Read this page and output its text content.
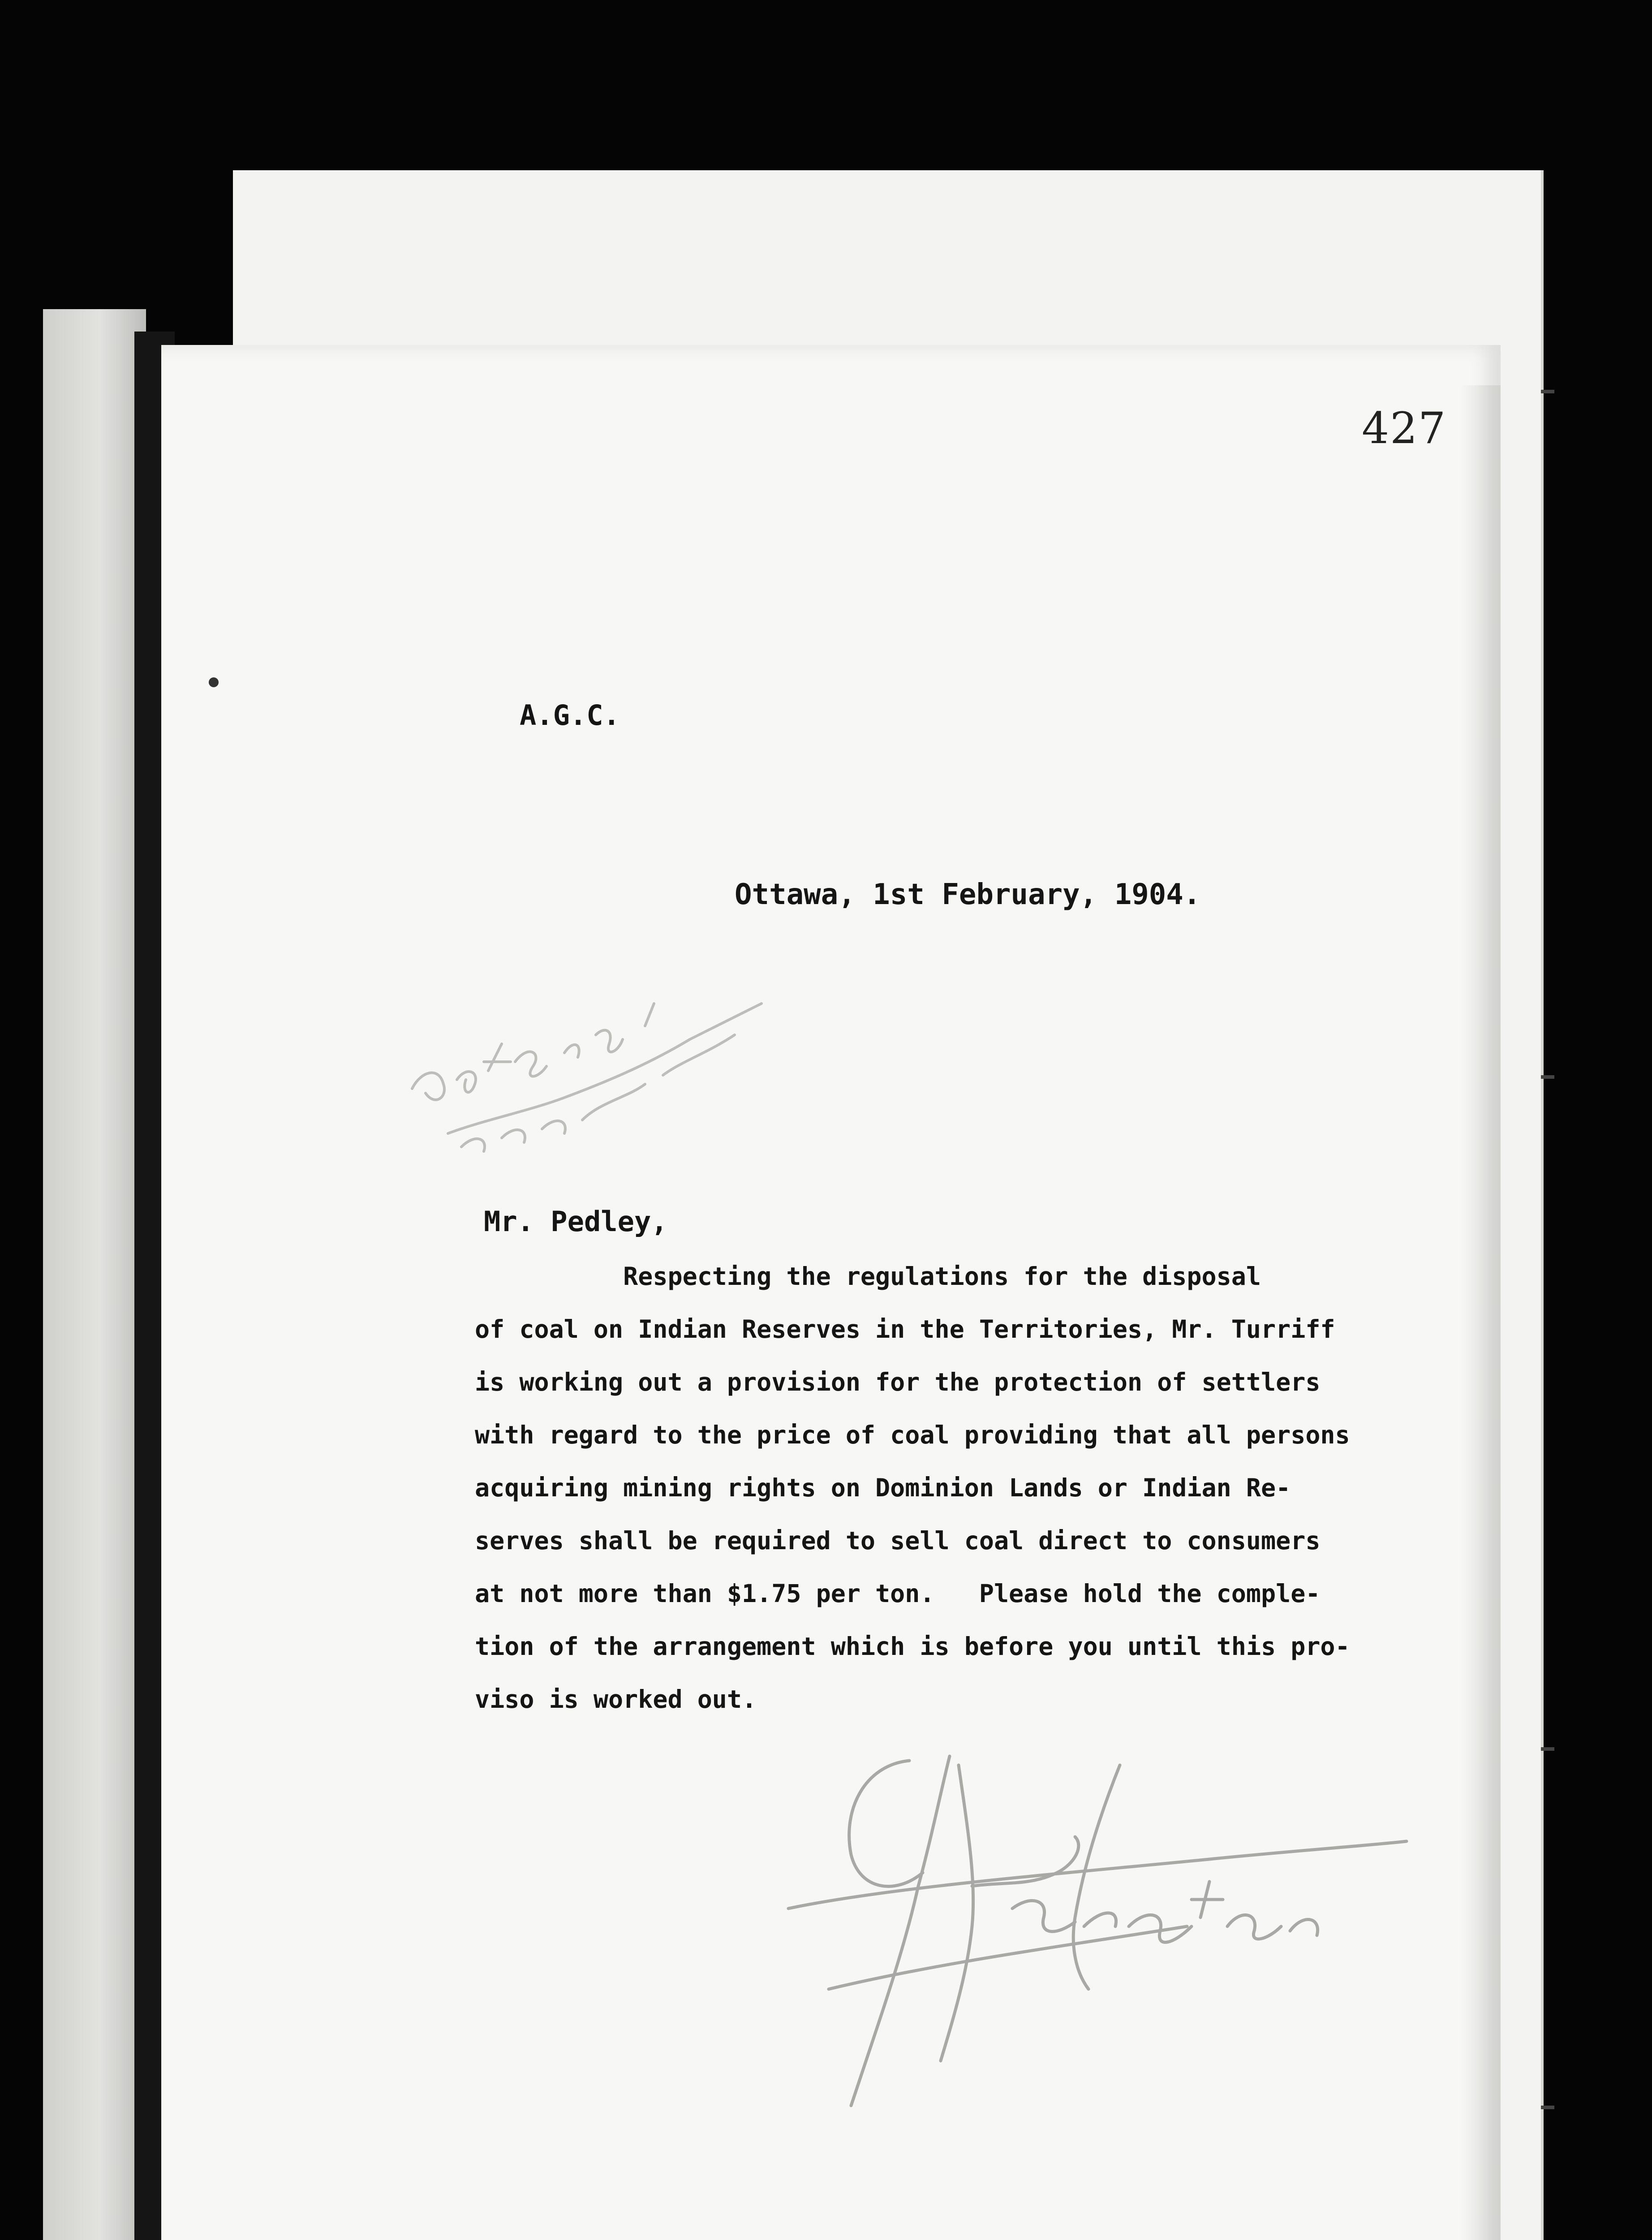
427
A.G.C.
Ottawa, 1st February, 1904.
Mr. Pedley,
Respecting the regulations for the disposal
of coal on Indian Reserves in the Territories, Mr. Turriff
is working out a provision for the protection of settlers
with regard to the price of coal providing that all persons
acquiring mining rights on Dominion Lands or Indian Re-
serves shall be required to sell coal direct to consumers
at not more than $1.75 per ton.   Please hold the comple-
tion of the arrangement which is before you until this pro-
viso is worked out.
